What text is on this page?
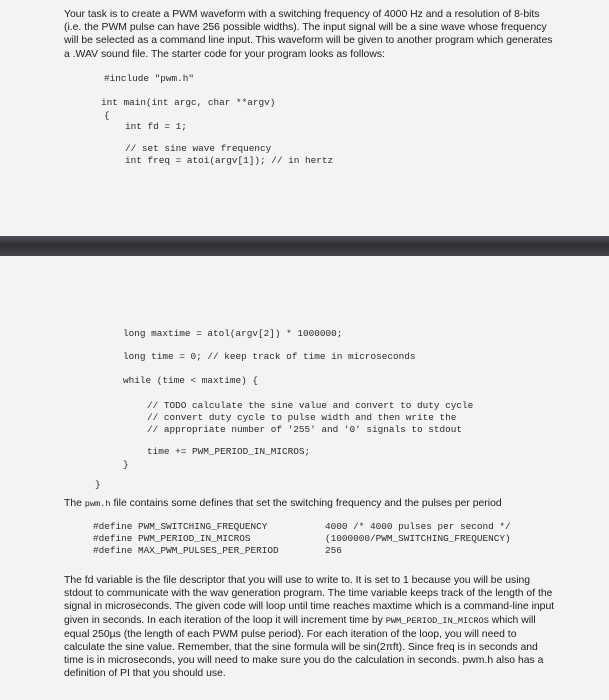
Your task is to create a PWM waveform with a switching frequency of 4000 Hz and a resolution of 8-bits (i.e. the PWM pulse can have 256 possible widths). The input signal will be a sine wave whose frequency will be selected as a command line input. This waveform will be given to another program which generates a .WAV sound file. The starter code for your program looks as follows:

#include "pwm.h"
int main(int argc, char **argv)
{
int fd = 1;
// set sine wave frequency
int freq = atoi(argv[1]); // in hertz
long maxtime = atol(argv[2]) * 1000000;
long time = 0; // keep track of time in microseconds
while (time < maxtime) {
// TODO calculate the sine value and convert to duty cycle
// convert duty cycle to pulse width and then write the
// appropriate number of '255' and '0' signals to stdout
time += PWM_PERIOD_IN_MICROS;
}
}

The pwm.h file contains some defines that set the switching frequency and the pulses per period

#define PWM_SWITCHING_FREQUENCY	4000 /* 4000 pulses per second */
#define PWM_PERIOD_IN_MICROS	(1000000/PWM_SWITCHING_FREQUENCY)
#define MAX_PWM_PULSES_PER_PERIOD	256

The fd variable is the file descriptor that you will use to write to. It is set to 1 because you will be using stdout to communicate with the wav generation program. The time variable keeps track of the length of the signal in microseconds. The given code will loop until time reaches maxtime which is a command-line input given in seconds. In each iteration of the loop it will increment time by PWM_PERIOD_IN_MICROS which will equal 250µs (the length of each PWM pulse period). For each iteration of the loop, you will need to calculate the sine value. Remember, that the sine formula will be sin(2πft). Since freq is in seconds and time is in microseconds, you will need to make sure you do the calculation in seconds. pwm.h also has a definition of PI that you should use.
